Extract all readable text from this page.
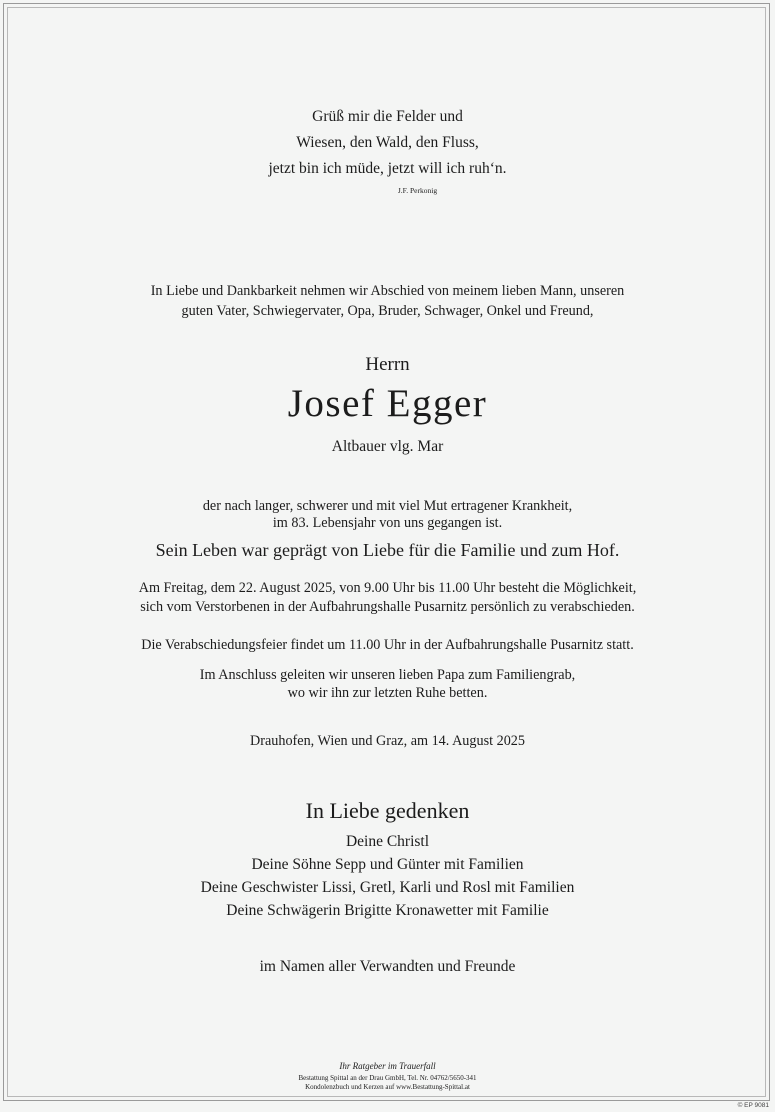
Grüß mir die Felder und
Wiesen, den Wald, den Fluss,
jetzt bin ich müde, jetzt will ich ruh‘n.
J.F. Perkonig
In Liebe und Dankbarkeit nehmen wir Abschied von meinem lieben Mann, unseren
guten Vater, Schwiegervater, Opa, Bruder, Schwager, Onkel und Freund,
Herrn
Josef Egger
Altbauer vlg. Mar
der nach langer, schwerer und mit viel Mut ertragener Krankheit,
im 83. Lebensjahr von uns gegangen ist.
Sein Leben war geprägt von Liebe für die Familie und zum Hof.
Am Freitag, dem 22. August 2025, von 9.00 Uhr bis 11.00 Uhr besteht die Möglichkeit,
sich vom Verstorbenen in der Aufbahrungshalle Pusarnitz persönlich zu verabschieden.
Die Verabschiedungsfeier findet um 11.00 Uhr in der Aufbahrungshalle Pusarnitz statt.
Im Anschluss geleiten wir unseren lieben Papa zum Familiengrab,
wo wir ihn zur letzten Ruhe betten.
Drauhofen, Wien und Graz, am 14. August 2025
In Liebe gedenken
Deine Christl
Deine Söhne Sepp und Günter mit Familien
Deine Geschwister Lissi, Gretl, Karli und Rosl mit Familien
Deine Schwägerin Brigitte Kronawetter mit Familie
im Namen aller Verwandten und Freunde
Ihr Ratgeber im Trauerfall
Bestattung Spittal an der Drau GmbH, Tel. Nr. 04762/5650-341
Kondolenzbuch und Kerzen auf www.Bestattung-Spittal.at
© EP 9081
